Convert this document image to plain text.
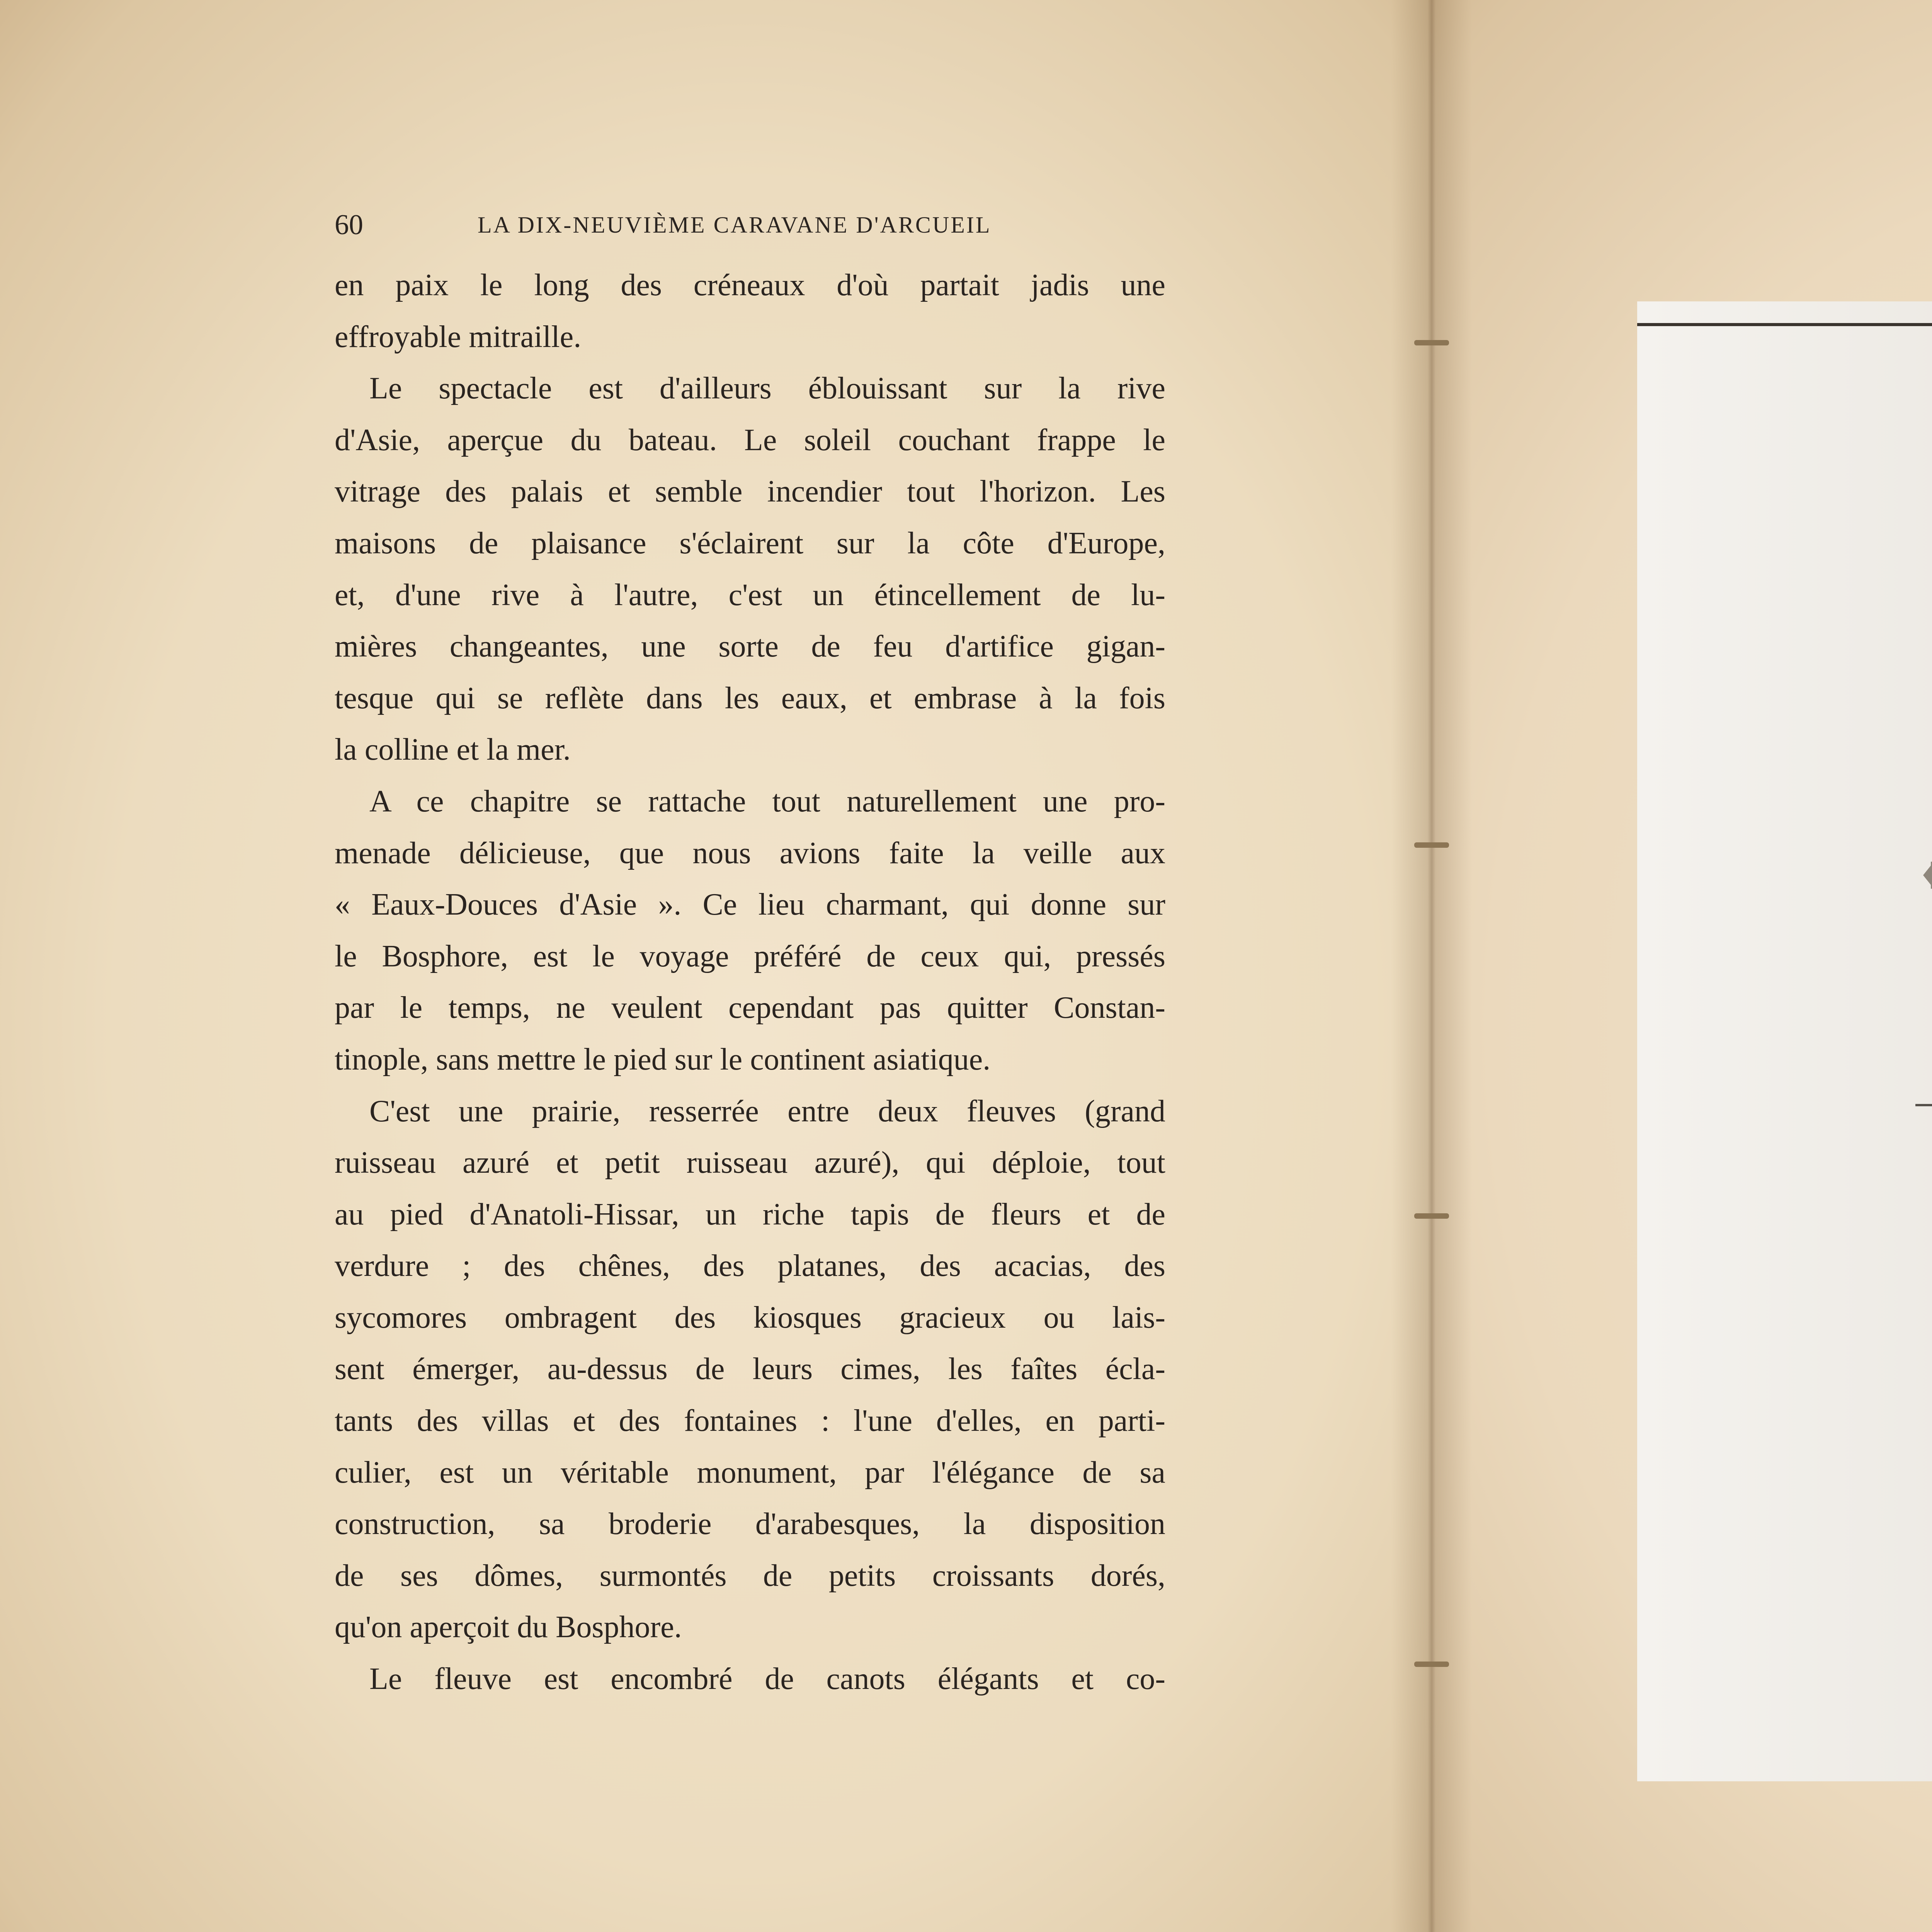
60	LA DIX-NEUVIÈME CARAVANE D'ARCUEIL
en paix le long des créneaux d'où partait jadis une
effroyable mitraille.
Le spectacle est d'ailleurs éblouissant sur la rive
d'Asie, aperçue du bateau. Le soleil couchant frappe le
vitrage des palais et semble incendier tout l'horizon. Les
maisons de plaisance s'éclairent sur la côte d'Europe,
et, d'une rive à l'autre, c'est un étincellement de lu-
mières changeantes, une sorte de feu d'artifice gigan-
tesque qui se reflète dans les eaux, et embrase à la fois
la colline et la mer.
A ce chapitre se rattache tout naturellement une pro-
menade délicieuse, que nous avions faite la veille aux
« Eaux-Douces d'Asie ». Ce lieu charmant, qui donne sur
le Bosphore, est le voyage préféré de ceux qui, pressés
par le temps, ne veulent cependant pas quitter Constan-
tinople, sans mettre le pied sur le continent asiatique.
C'est une prairie, resserrée entre deux fleuves (grand
ruisseau azuré et petit ruisseau azuré), qui déploie, tout
au pied d'Anatoli-Hissar, un riche tapis de fleurs et de
verdure ; des chênes, des platanes, des acacias, des
sycomores ombragent des kiosques gracieux ou lais-
sent émerger, au-dessus de leurs cimes, les faîtes écla-
tants des villas et des fontaines : l'une d'elles, en parti-
culier, est un véritable monument, par l'élégance de sa
construction, sa broderie d'arabesques, la disposition
de ses dômes, surmontés de petits croissants dorés,
qu'on aperçoit du Bosphore.
Le fleuve est encombré de canots élégants et co-
